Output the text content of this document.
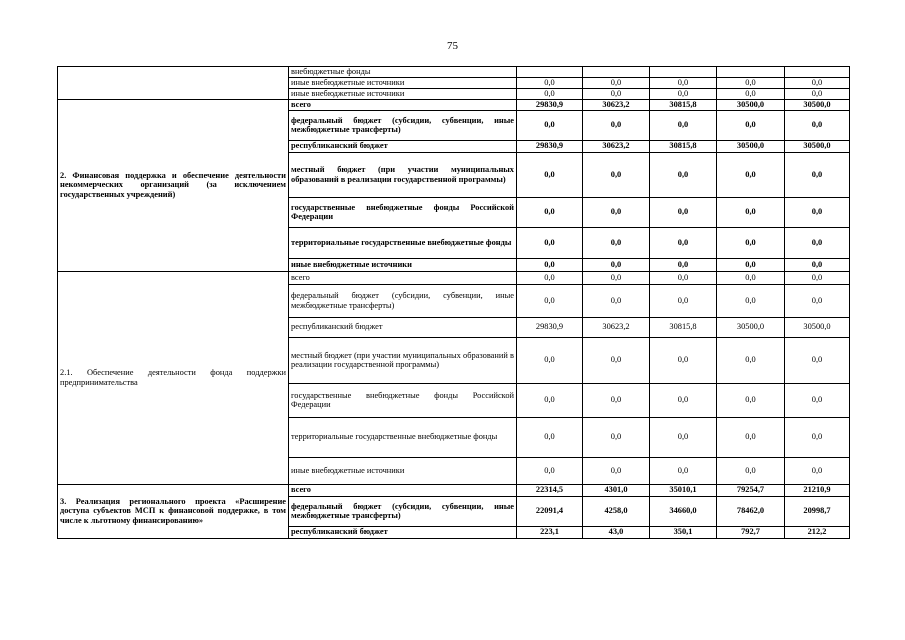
75
	внебюджетные фонды					
	иные внебюджетные источники	0,0	0,0	0,0	0,0	0,0
	иные внебюджетные источники	0,0	0,0	0,0	0,0	0,0
2. Финансовая поддержка и обеспечение деятельности некоммерческих организаций (за исключением государственных учреждений)	всего	29830,9	30623,2	30815,8	30500,0	30500,0
	федеральный бюджет (субсидии, субвенции, иные межбюджетные трансферты)	0,0	0,0	0,0	0,0	0,0
	республиканский бюджет	29830,9	30623,2	30815,8	30500,0	30500,0
	местный бюджет (при участии муниципальных образований в реализации государственной программы)	0,0	0,0	0,0	0,0	0,0
	государственные внебюджетные фонды Российской Федерации	0,0	0,0	0,0	0,0	0,0
	территориальные государственные внебюджетные фонды	0,0	0,0	0,0	0,0	0,0
	иные внебюджетные источники	0,0	0,0	0,0	0,0	0,0
2.1. Обеспечение деятельности фонда поддержки предпринимательства	всего	0,0	0,0	0,0	0,0	0,0
	федеральный бюджет (субсидии, субвенции, иные межбюджетные трансферты)	0,0	0,0	0,0	0,0	0,0
	республиканский бюджет	29830,9	30623,2	30815,8	30500,0	30500,0
	местный бюджет (при участии муниципальных образований в реализации государственной программы)	0,0	0,0	0,0	0,0	0,0
	государственные внебюджетные фонды Российской Федерации	0,0	0,0	0,0	0,0	0,0
	территориальные государственные внебюджетные фонды	0,0	0,0	0,0	0,0	0,0
	иные внебюджетные источники	0,0	0,0	0,0	0,0	0,0
3. Реализация регионального проекта «Расширение доступа субъектов МСП к финансовой поддержке, в том числе к льготному финансированию»	всего	22314,5	4301,0	35010,1	79254,7	21210,9
	федеральный бюджет (субсидии, субвенции, иные межбюджетные трансферты)	22091,4	4258,0	34660,0	78462,0	20998,7
	республиканский бюджет	223,1	43,0	350,1	792,7	212,2
